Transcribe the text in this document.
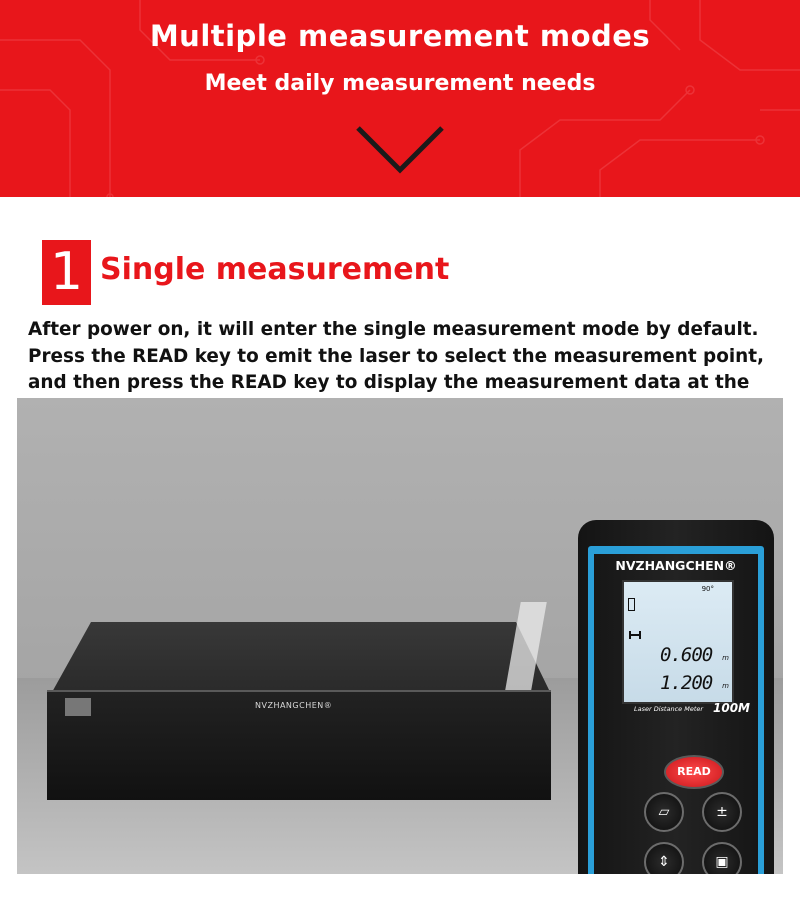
Multiple measurement modes
Meet daily measurement needs
1 Single measurement
After power on, it will enter the single measurement mode by default. Press the READ key to emit the laser to select the measurement point, and then press the READ key to display the measurement data at the
NVZHANGCHEN®
NVZHANGCHEN®
90°
0.600 m
1.200 m
Laser Distance Meter 100M
READ
▱	±
⇕	▣
